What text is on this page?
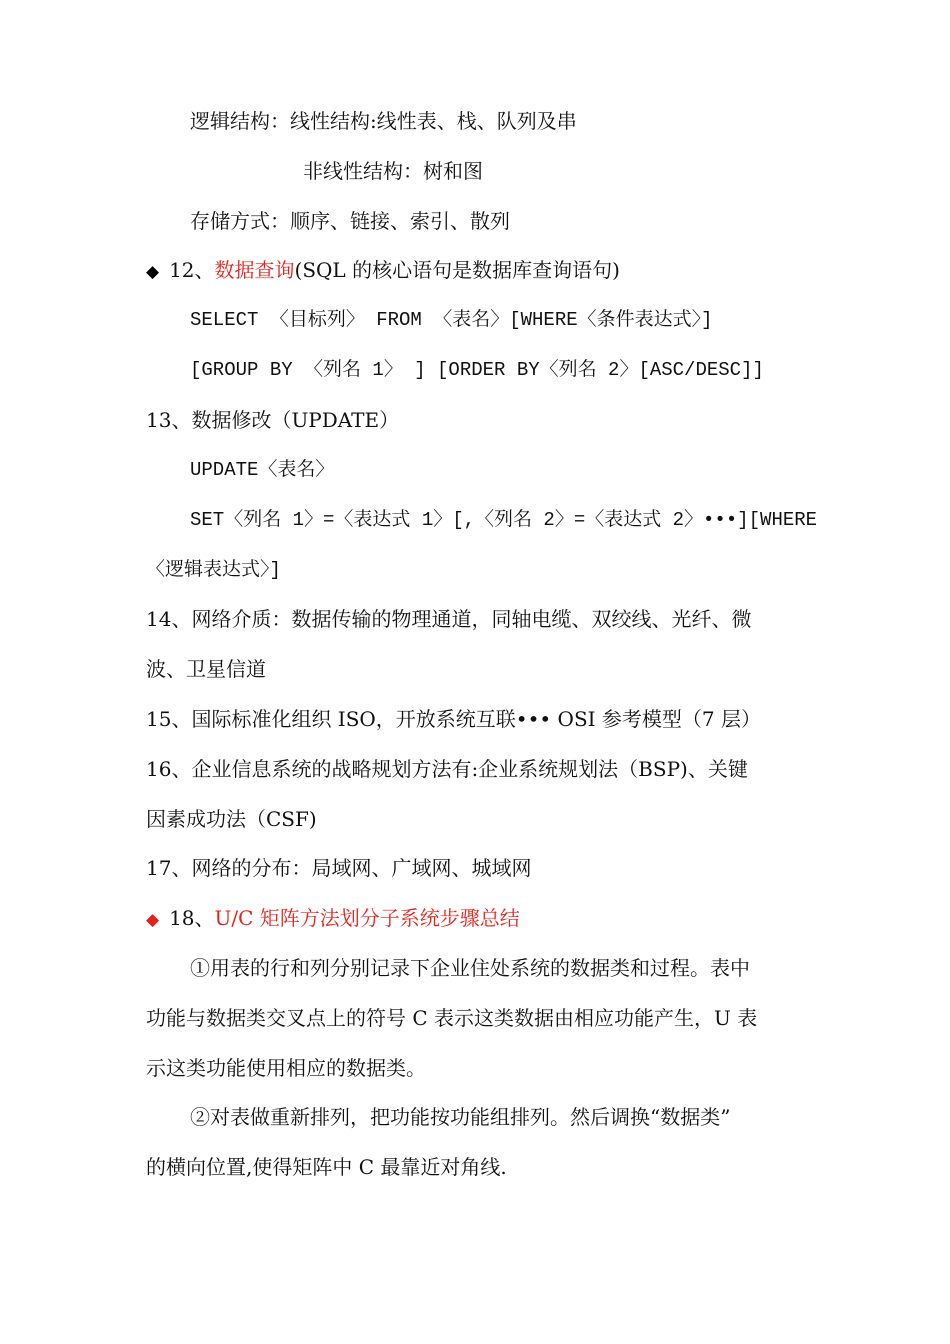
逻辑结构：线性结构:线性表、栈、队列及串
非线性结构：树和图
存储方式：顺序、链接、索引、散列
◆ 12、数据查询(SQL 的核心语句是数据库查询语句)
SELECT 〈目标列〉 FROM 〈表名〉[WHERE〈条件表达式〉]
[GROUP BY 〈列名 1〉 ] [ORDER BY〈列名 2〉[ASC/DESC]]
13、数据修改（UPDATE）
UPDATE〈表名〉
SET〈列名 1〉=〈表达式 1〉[,〈列名 2〉=〈表达式 2〉•••][WHERE
〈逻辑表达式〉]
14、网络介质：数据传输的物理通道，同轴电缆、双绞线、光纤、微
波、卫星信道
15、国际标准化组织 ISO，开放系统互联••• OSI 参考模型（7 层）
16、企业信息系统的战略规划方法有:企业系统规划法（BSP)、关键
因素成功法（CSF)
17、网络的分布：局域网、广域网、城域网
◆ 18、U/C 矩阵方法划分子系统步骤总结
①用表的行和列分别记录下企业住处系统的数据类和过程。表中
功能与数据类交叉点上的符号 C 表示这类数据由相应功能产生，U 表
示这类功能使用相应的数据类。
②对表做重新排列，把功能按功能组排列。然后调换“数据类”
的横向位置,使得矩阵中 C 最靠近对角线.
